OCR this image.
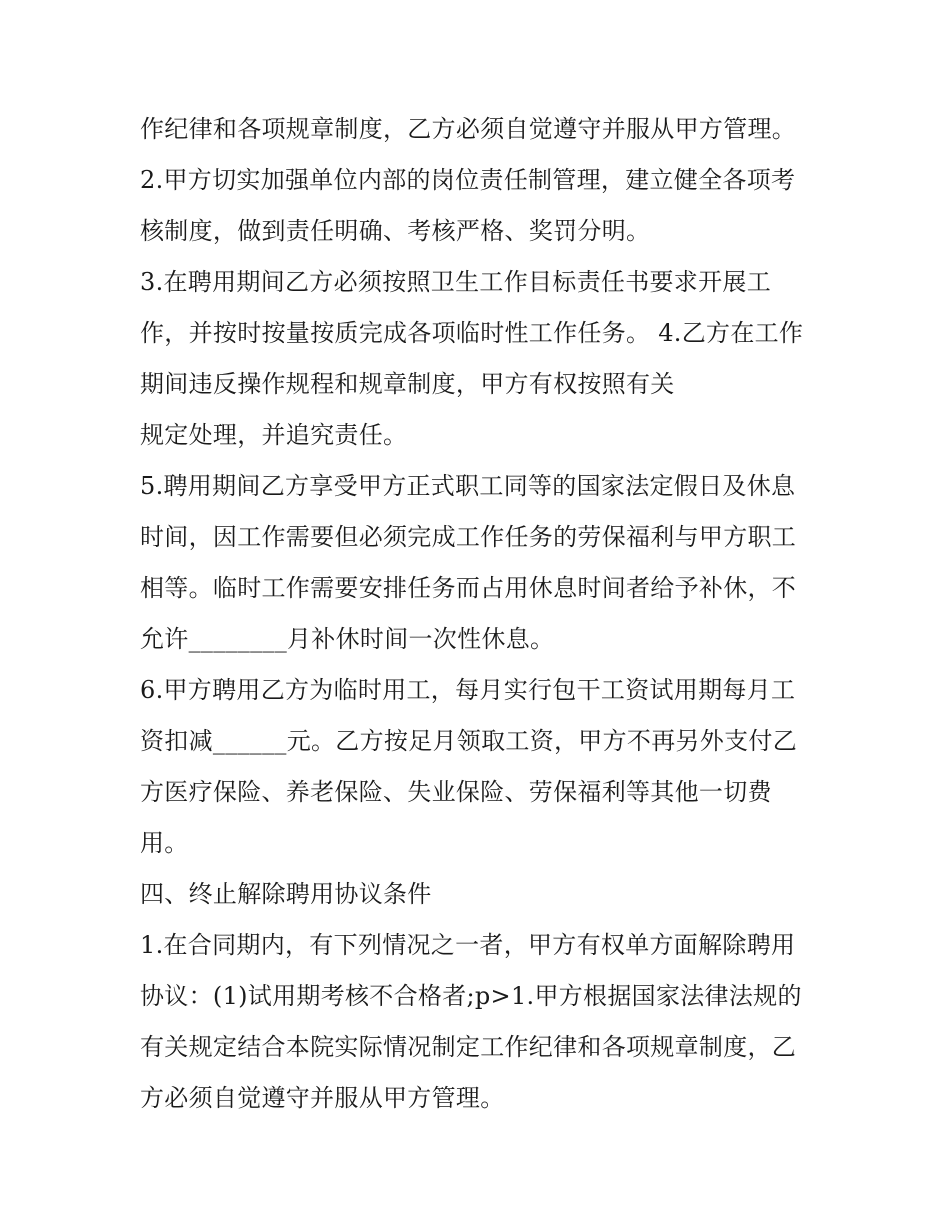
作纪律和各项规章制度，乙方必须自觉遵守并服从甲方管理。
2.甲方切实加强单位内部的岗位责任制管理，建立健全各项考
核制度，做到责任明确、考核严格、奖罚分明。
3.在聘用期间乙方必须按照卫生工作目标责任书要求开展工
作，并按时按量按质完成各项临时性工作任务。 4.乙方在工作
期间违反操作规程和规章制度，甲方有权按照有关
规定处理，并追究责任。
5.聘用期间乙方享受甲方正式职工同等的国家法定假日及休息
时间，因工作需要但必须完成工作任务的劳保福利与甲方职工
相等。临时工作需要安排任务而占用休息时间者给予补休，不
允许________月补休时间一次性休息。
6.甲方聘用乙方为临时用工，每月实行包干工资试用期每月工
资扣减______元。乙方按足月领取工资，甲方不再另外支付乙
方医疗保险、养老保险、失业保险、劳保福利等其他一切费
用。
四、终止解除聘用协议条件
1.在合同期内，有下列情况之一者，甲方有权单方面解除聘用
协议：(1)试用期考核不合格者;p>1.甲方根据国家法律法规的
有关规定结合本院实际情况制定工作纪律和各项规章制度，乙
方必须自觉遵守并服从甲方管理。
